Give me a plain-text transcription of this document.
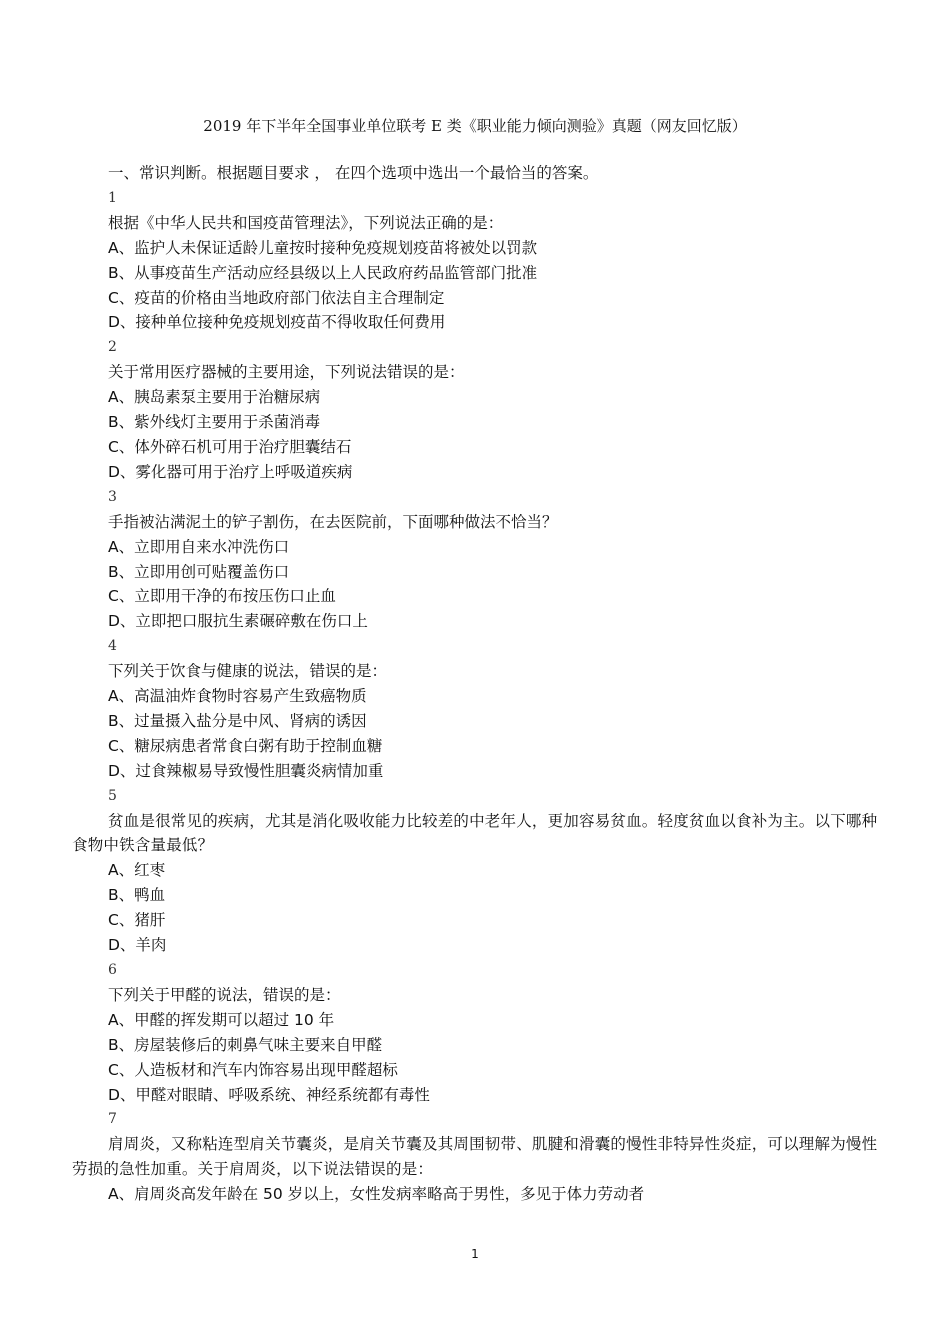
2019 年下半年全国事业单位联考 E 类《职业能力倾向测验》真题（网友回忆版）

一、常识判断。根据题目要求 ， 在四个选项中选出一个最恰当的答案。

1

根据《中华人民共和国疫苗管理法》，下列说法正确的是：

A、监护人未保证适龄儿童按时接种免疫规划疫苗将被处以罚款

B、从事疫苗生产活动应经县级以上人民政府药品监管部门批准

C、疫苗的价格由当地政府部门依法自主合理制定

D、接种单位接种免疫规划疫苗不得收取任何费用

2

关于常用医疗器械的主要用途，下列说法错误的是：

A、胰岛素泵主要用于治糖尿病

B、紫外线灯主要用于杀菌消毒

C、体外碎石机可用于治疗胆囊结石

D、雾化器可用于治疗上呼吸道疾病

3

手指被沾满泥土的铲子割伤，在去医院前，下面哪种做法不恰当？

A、立即用自来水冲洗伤口

B、立即用创可贴覆盖伤口

C、立即用干净的布按压伤口止血

D、立即把口服抗生素碾碎敷在伤口上

4

下列关于饮食与健康的说法，错误的是：

A、高温油炸食物时容易产生致癌物质

B、过量摄入盐分是中风、肾病的诱因

C、糖尿病患者常食白粥有助于控制血糖

D、过食辣椒易导致慢性胆囊炎病情加重

5

贫血是很常见的疾病，尤其是消化吸收能力比较差的中老年人，更加容易贫血。轻度贫血以食补为主。以下哪种食物中铁含量最低？

A、红枣

B、鸭血

C、猪肝

D、羊肉

6

下列关于甲醛的说法，错误的是：

A、甲醛的挥发期可以超过 10 年

B、房屋装修后的刺鼻气味主要来自甲醛

C、人造板材和汽车内饰容易出现甲醛超标

D、甲醛对眼睛、呼吸系统、神经系统都有毒性

7

肩周炎，又称粘连型肩关节囊炎，是肩关节囊及其周围韧带、肌腱和滑囊的慢性非特异性炎症，可以理解为慢性劳损的急性加重。关于肩周炎，以下说法错误的是：

A、肩周炎高发年龄在 50 岁以上，女性发病率略高于男性，多见于体力劳动者

1
